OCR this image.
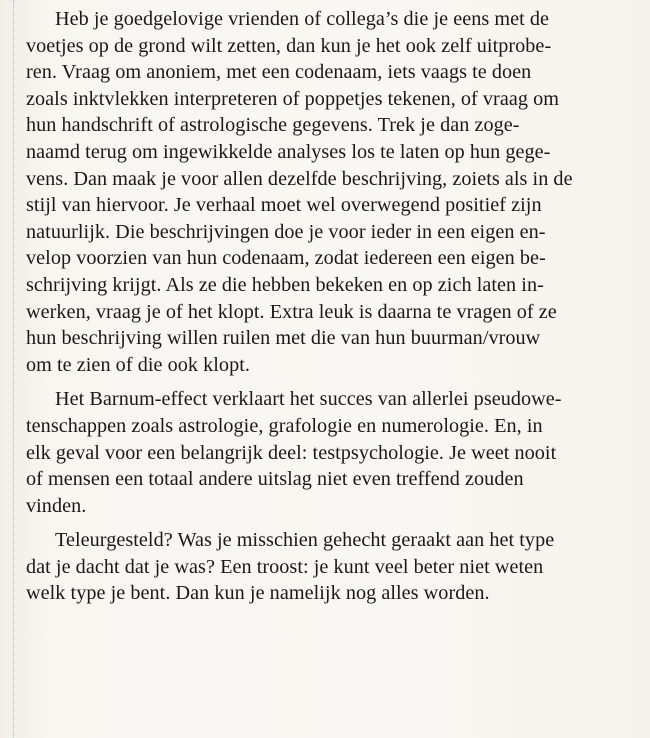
Heb je goedgelovige vrienden of collega’s die je eens met de
voetjes op de grond wilt zetten, dan kun je het ook zelf uitprobe-
ren. Vraag om anoniem, met een codenaam, iets vaags te doen
zoals inktvlekken interpreteren of poppetjes tekenen, of vraag om
hun handschrift of astrologische gegevens. Trek je dan zoge-
naamd terug om ingewikkelde analyses los te laten op hun gege-
vens. Dan maak je voor allen dezelfde beschrijving, zoiets als in de
stijl van hiervoor. Je verhaal moet wel overwegend positief zijn
natuurlijk. Die beschrijvingen doe je voor ieder in een eigen en-
velop voorzien van hun codenaam, zodat iedereen een eigen be-
schrijving krijgt. Als ze die hebben bekeken en op zich laten in-
werken, vraag je of het klopt. Extra leuk is daarna te vragen of ze
hun beschrijving willen ruilen met die van hun buurman/vrouw
om te zien of die ook klopt.

Het Barnum-effect verklaart het succes van allerlei pseudowe-
tenschappen zoals astrologie, grafologie en numerologie. En, in
elk geval voor een belangrijk deel: testpsychologie. Je weet nooit
of mensen een totaal andere uitslag niet even treffend zouden
vinden.

Teleurgesteld? Was je misschien gehecht geraakt aan het type
dat je dacht dat je was? Een troost: je kunt veel beter niet weten
welk type je bent. Dan kun je namelijk nog alles worden.
